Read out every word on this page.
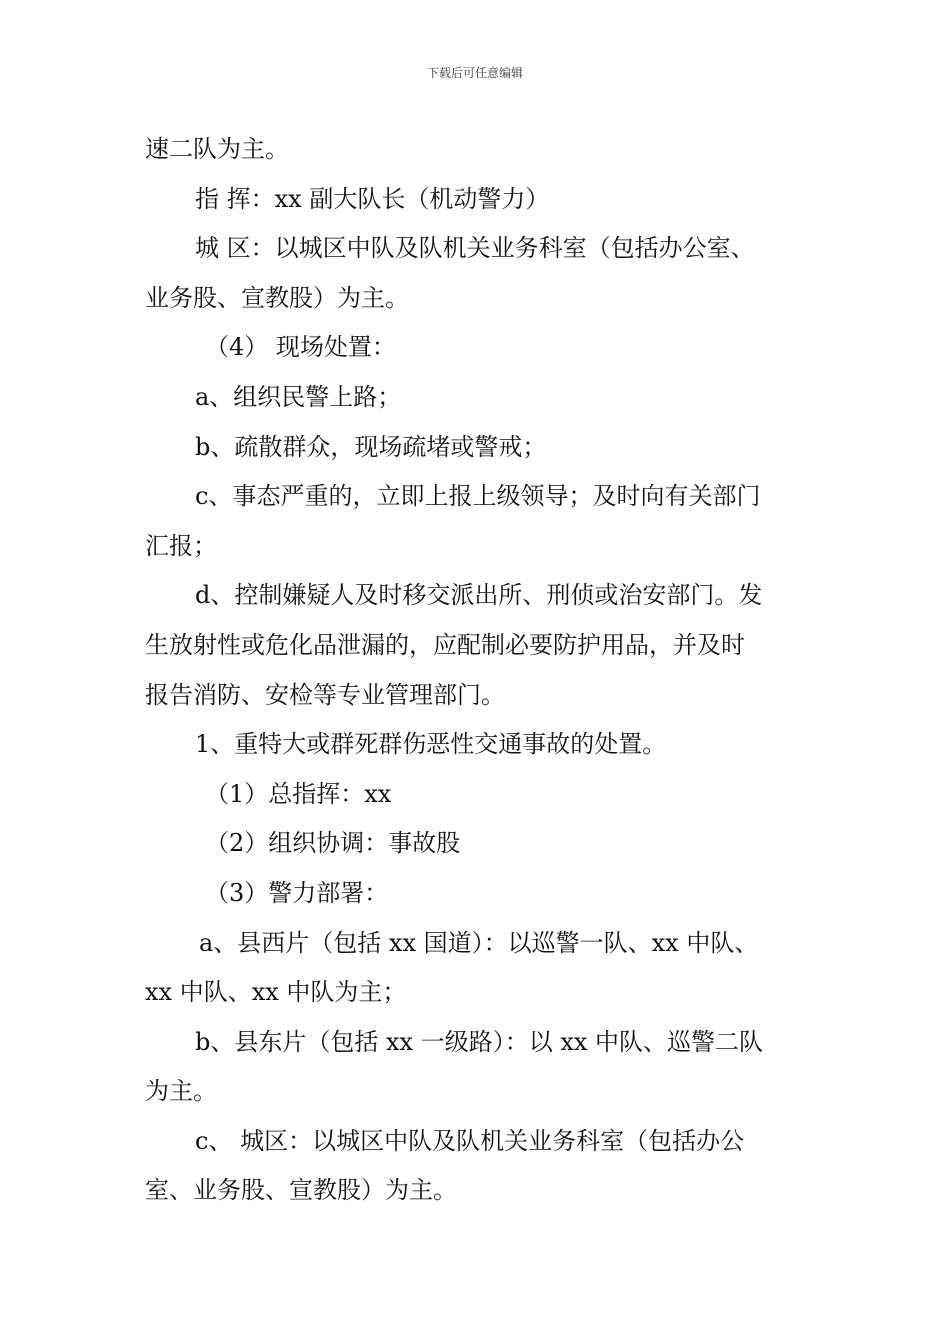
下载后可任意编辑

速二队为主。

指 挥：xx 副大队长（机动警力）

城 区：以城区中队及队机关业务科室（包括办公室、

业务股、宣教股）为主。

（4） 现场处置：

a、组织民警上路；

b、疏散群众，现场疏堵或警戒；

c、事态严重的，立即上报上级领导；及时向有关部门

汇报；

d、控制嫌疑人及时移交派出所、刑侦或治安部门。发

生放射性或危化品泄漏的，应配制必要防护用品，并及时

报告消防、安检等专业管理部门。

1、重特大或群死群伤恶性交通事故的处置。

（1）总指挥：xx

（2）组织协调：事故股

（3）警力部署：

a、县西片（包括 xx 国道）：以巡警一队、xx 中队、

xx 中队、xx 中队为主；

b、县东片（包括 xx 一级路）：以 xx 中队、巡警二队

为主。

c、 城区：以城区中队及队机关业务科室（包括办公

室、业务股、宣教股）为主。
